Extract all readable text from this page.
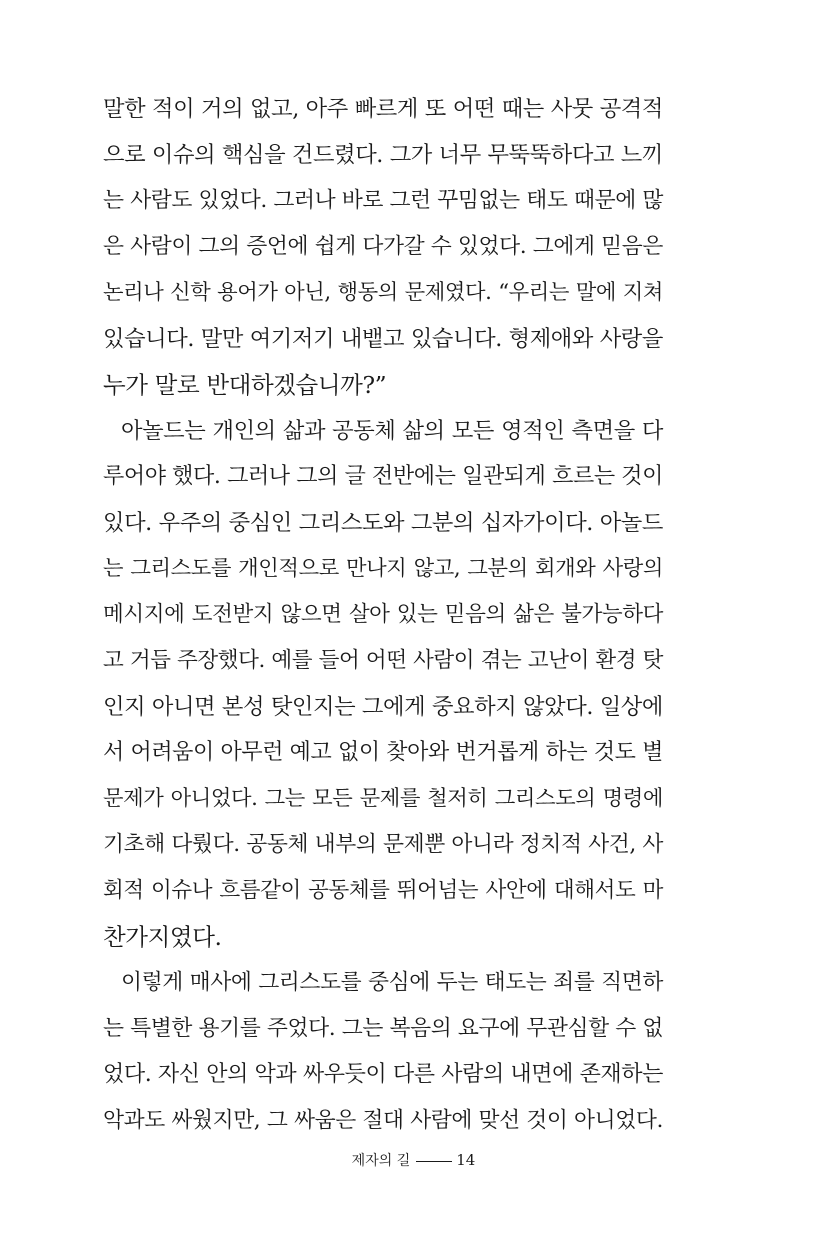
말한 적이 거의 없고, 아주 빠르게 또 어떤 때는 사뭇 공격적
으로 이슈의 핵심을 건드렸다. 그가 너무 무뚝뚝하다고 느끼
는 사람도 있었다. 그러나 바로 그런 꾸밈없는 태도 때문에 많
은 사람이 그의 증언에 쉽게 다가갈 수 있었다. 그에게 믿음은
논리나 신학 용어가 아닌, 행동의 문제였다. “우리는 말에 지쳐
있습니다. 말만 여기저기 내뱉고 있습니다. 형제애와 사랑을
누가 말로 반대하겠습니까?”
아놀드는 개인의 삶과 공동체 삶의 모든 영적인 측면을 다
루어야 했다. 그러나 그의 글 전반에는 일관되게 흐르는 것이
있다. 우주의 중심인 그리스도와 그분의 십자가이다. 아놀드
는 그리스도를 개인적으로 만나지 않고, 그분의 회개와 사랑의
메시지에 도전받지 않으면 살아 있는 믿음의 삶은 불가능하다
고 거듭 주장했다. 예를 들어 어떤 사람이 겪는 고난이 환경 탓
인지 아니면 본성 탓인지는 그에게 중요하지 않았다. 일상에
서 어려움이 아무런 예고 없이 찾아와 번거롭게 하는 것도 별
문제가 아니었다. 그는 모든 문제를 철저히 그리스도의 명령에
기초해 다뤘다. 공동체 내부의 문제뿐 아니라 정치적 사건, 사
회적 이슈나 흐름같이 공동체를 뛰어넘는 사안에 대해서도 마
찬가지였다.
이렇게 매사에 그리스도를 중심에 두는 태도는 죄를 직면하
는 특별한 용기를 주었다. 그는 복음의 요구에 무관심할 수 없
었다. 자신 안의 악과 싸우듯이 다른 사람의 내면에 존재하는
악과도 싸웠지만, 그 싸움은 절대 사람에 맞선 것이 아니었다.
제자의 길	14
